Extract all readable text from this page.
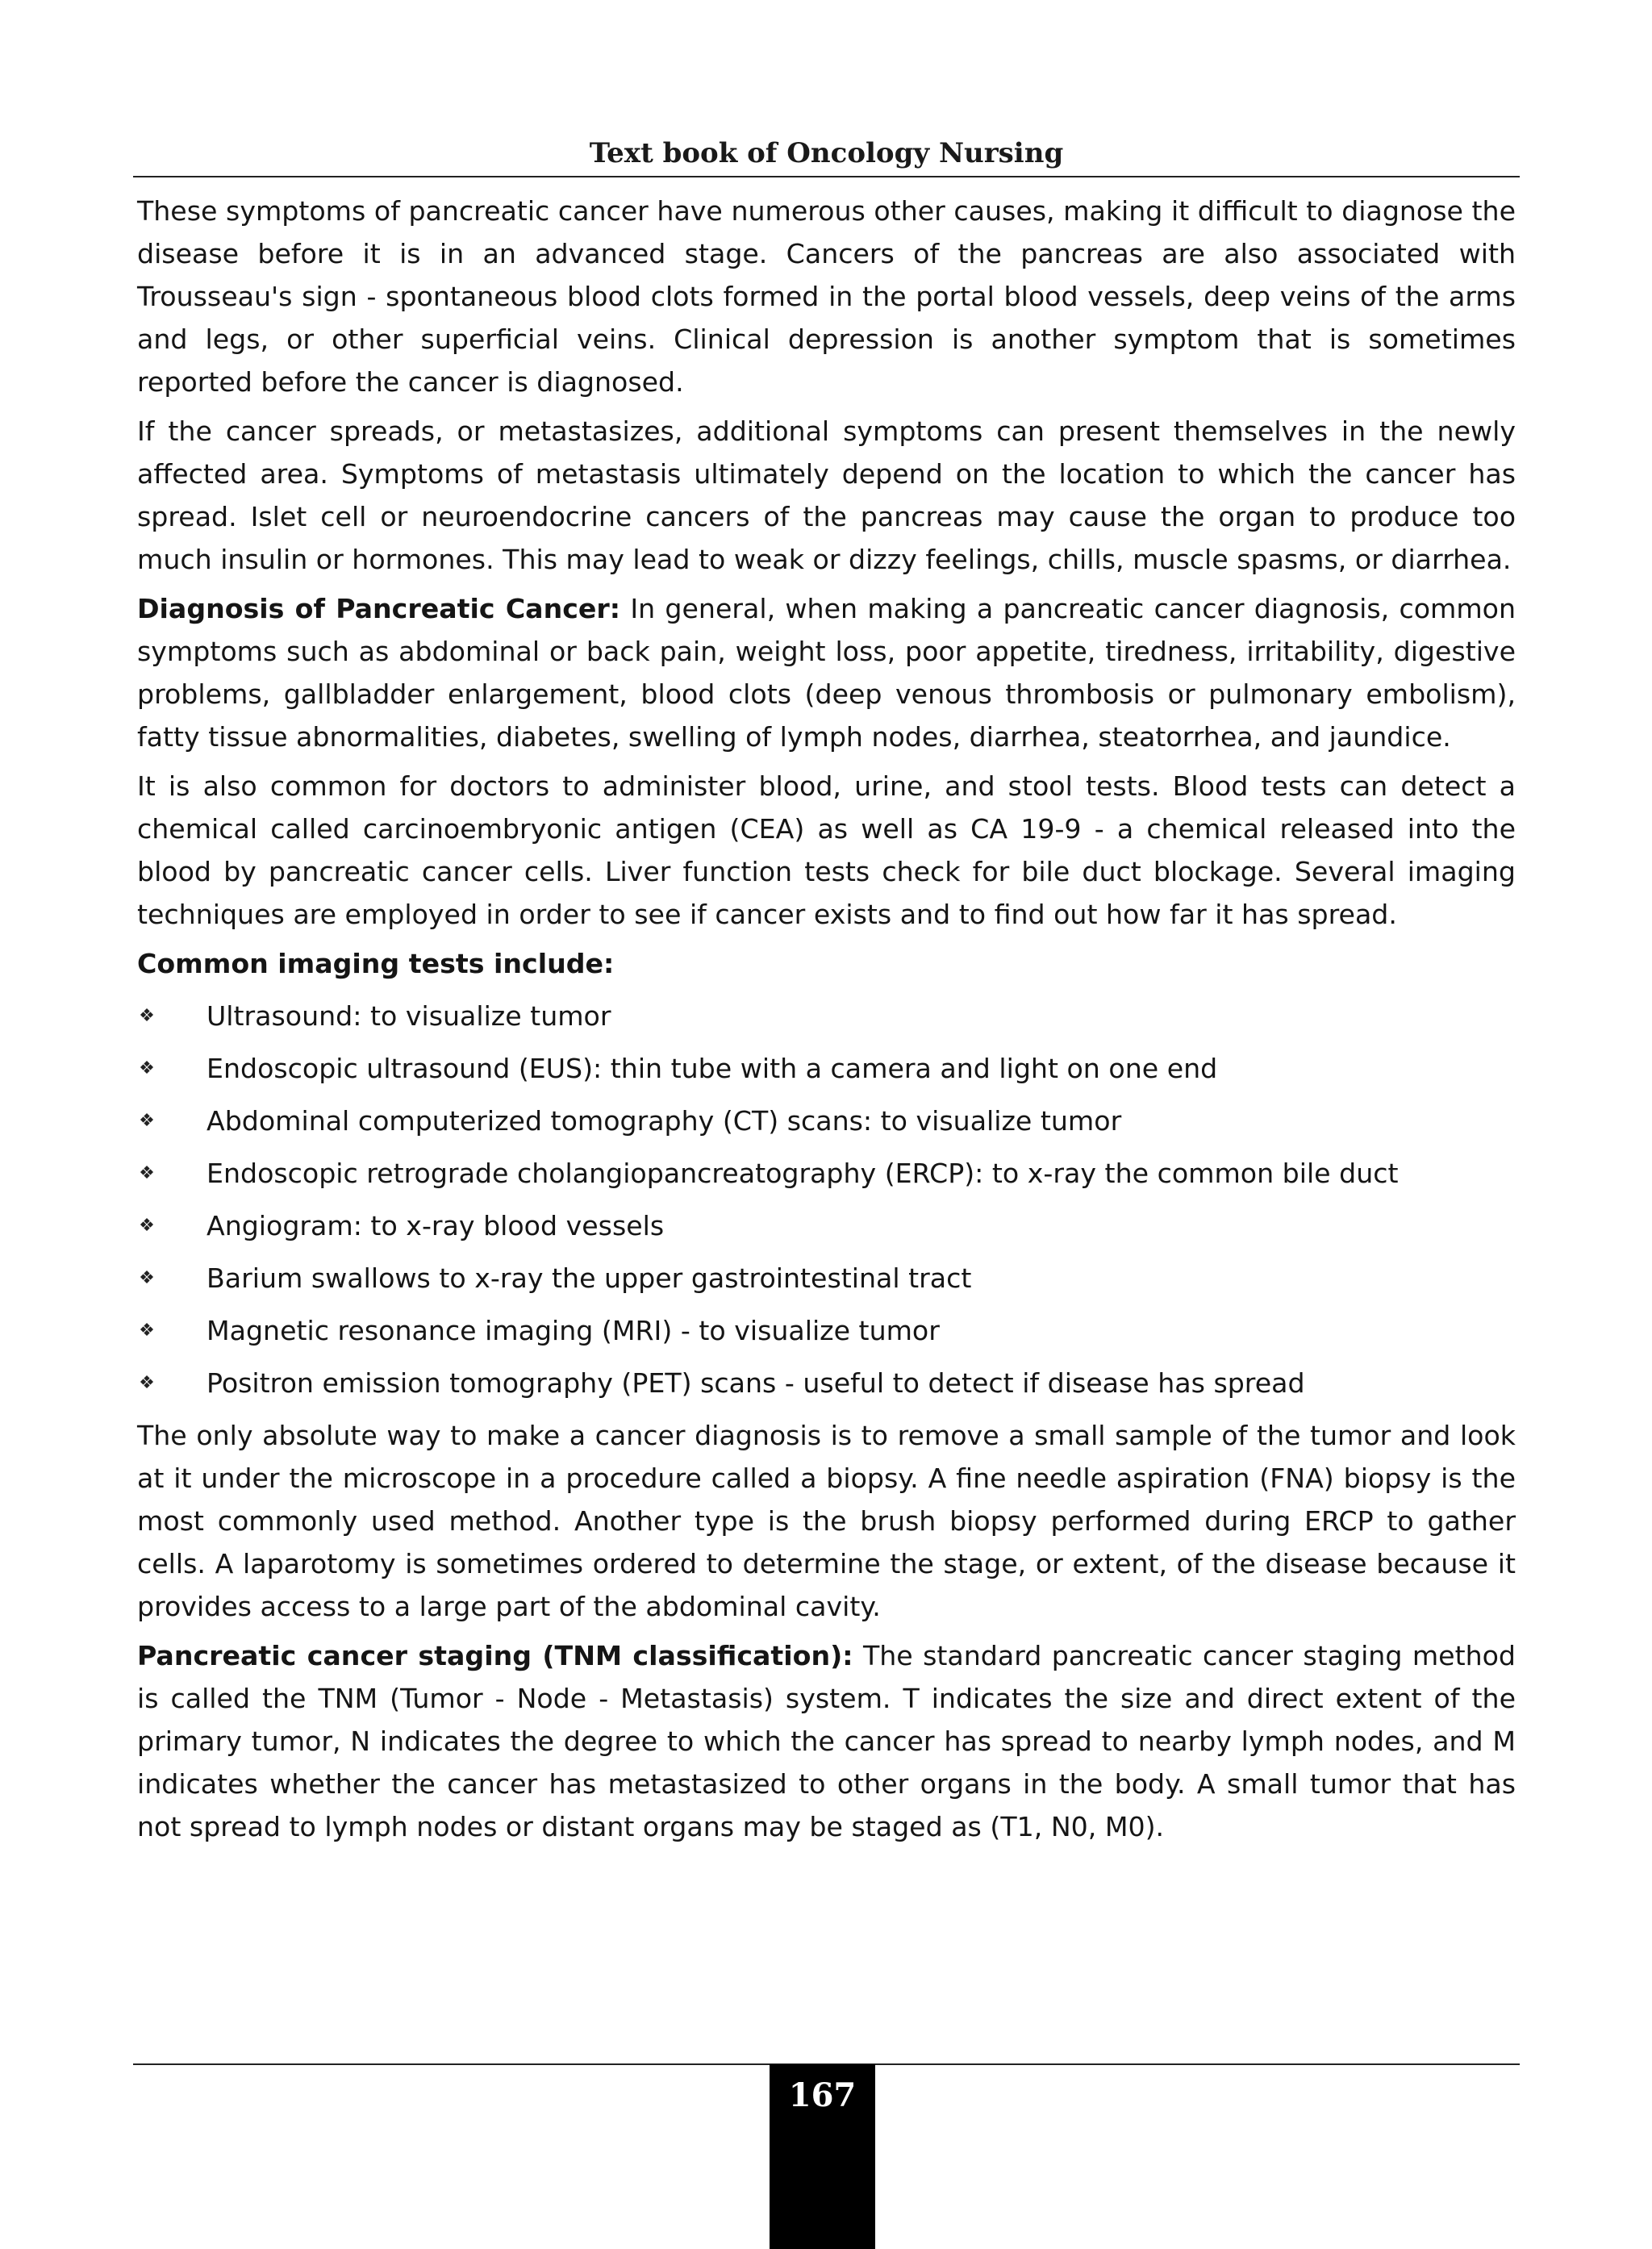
Text book of Oncology Nursing

These symptoms of pancreatic cancer have numerous other causes, making it difficult to diagnose the disease before it is in an advanced stage. Cancers of the pancreas are also associated with Trousseau's sign - spontaneous blood clots formed in the portal blood vessels, deep veins of the arms and legs, or other superficial veins. Clinical depression is another symptom that is sometimes reported before the cancer is diagnosed.

If the cancer spreads, or metastasizes, additional symptoms can present themselves in the newly affected area. Symptoms of metastasis ultimately depend on the location to which the cancer has spread. Islet cell or neuroendocrine cancers of the pancreas may cause the organ to produce too much insulin or hormones. This may lead to weak or dizzy feelings, chills, muscle spasms, or diarrhea.

Diagnosis of Pancreatic Cancer: In general, when making a pancreatic cancer diagnosis, common symptoms such as abdominal or back pain, weight loss, poor appetite, tiredness, irritability, digestive problems, gallbladder enlargement, blood clots (deep venous thrombosis or pulmonary embolism), fatty tissue abnormalities, diabetes, swelling of lymph nodes, diarrhea, steatorrhea, and jaundice.

It is also common for doctors to administer blood, urine, and stool tests. Blood tests can detect a chemical called carcinoembryonic antigen (CEA) as well as CA 19-9 - a chemical released into the blood by pancreatic cancer cells. Liver function tests check for bile duct blockage. Several imaging techniques are employed in order to see if cancer exists and to find out how far it has spread.

Common imaging tests include:

❖ Ultrasound: to visualize tumor
❖ Endoscopic ultrasound (EUS): thin tube with a camera and light on one end
❖ Abdominal computerized tomography (CT) scans: to visualize tumor
❖ Endoscopic retrograde cholangiopancreatography (ERCP): to x-ray the common bile duct
❖ Angiogram: to x-ray blood vessels
❖ Barium swallows to x-ray the upper gastrointestinal tract
❖ Magnetic resonance imaging (MRI) - to visualize tumor
❖ Positron emission tomography (PET) scans - useful to detect if disease has spread

The only absolute way to make a cancer diagnosis is to remove a small sample of the tumor and look at it under the microscope in a procedure called a biopsy. A fine needle aspiration (FNA) biopsy is the most commonly used method. Another type is the brush biopsy performed during ERCP to gather cells. A laparotomy is sometimes ordered to determine the stage, or extent, of the disease because it provides access to a large part of the abdominal cavity.

Pancreatic cancer staging (TNM classification): The standard pancreatic cancer staging method is called the TNM (Tumor - Node - Metastasis) system. T indicates the size and direct extent of the primary tumor, N indicates the degree to which the cancer has spread to nearby lymph nodes, and M indicates whether the cancer has metastasized to other organs in the body. A small tumor that has not spread to lymph nodes or distant organs may be staged as (T1, N0, M0).

167
